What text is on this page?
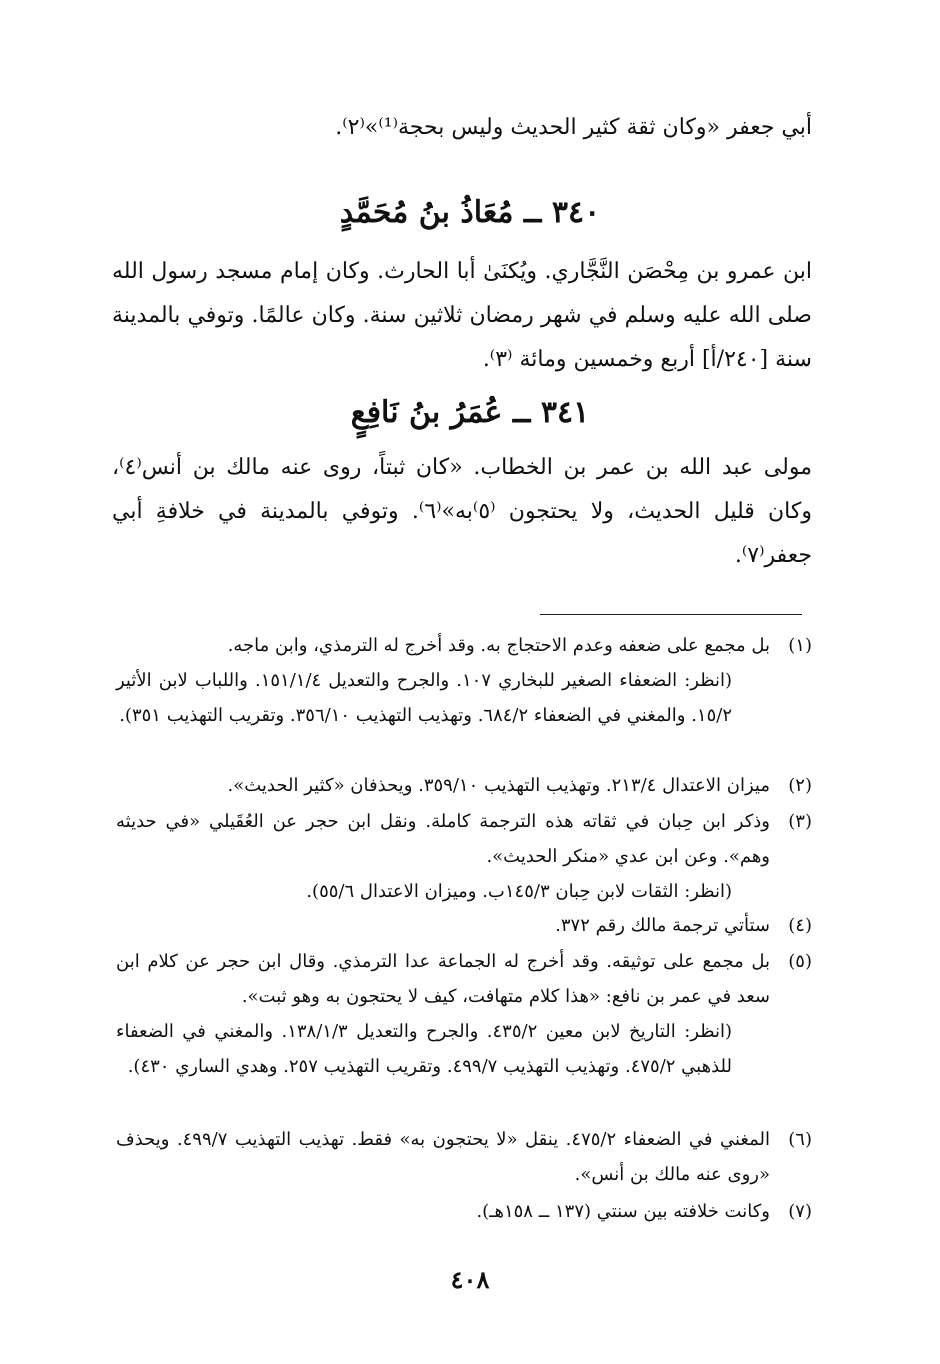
أبي جعفر «وكان ثقة كثير الحديث وليس بحجة⁽¹⁾»⁽٢⁾.
٣٤٠ ــ مُعَاذُ بنُ مُحَمَّدٍ
ابن عمرو بن مِحْصَن النَّجَّاري. ويُكنَىٰ أبا الحارث. وكان إمام مسجد رسول الله صلى الله عليه وسلم في شهر رمضان ثلاثين سنة. وكان عالمًا. وتوفي بالمدينة سنة [٢٤٠/أ] أربع وخمسين ومائة ⁽٣⁾.
٣٤١ ــ عُمَرُ بنُ نَافِعٍ
مولى عبد الله بن عمر بن الخطاب. «كان ثبتاً، روى عنه مالك بن أنس⁽٤⁾، وكان قليل الحديث، ولا يحتجون ⁽٥⁾به»⁽٦⁾. وتوفي بالمدينة في خلافةِ أبي جعفر⁽٧⁾.
(١)
بل مجمع على ضعفه وعدم الاحتجاج به. وقد أخرج له الترمذي، وابن ماجه.
(انظر: الضعفاء الصغير للبخاري ١٠٧. والجرح والتعديل ١٥١/١/٤. واللباب لابن الأثير ١٥/٢. والمغني في الضعفاء ٦٨٤/٢. وتهذيب التهذيب ٣٥٦/١٠. وتقريب التهذيب ٣٥١).
(٢)
ميزان الاعتدال ٢١٣/٤. وتهذيب التهذيب ٣٥٩/١٠. ويحذفان «كثير الحديث».
(٣)
وذكر ابن حِبان في ثقاته هذه الترجمة كاملة. ونقل ابن حجر عن العُقَيلي «في حديثه وهم». وعن ابن عدي «منكر الحديث».
(انظر: الثقات لابن حِبان ١٤٥/٣ب. وميزان الاعتدال ٥٥/٦).
(٤)
ستأتي ترجمة مالك رقم ٣٧٢.
(٥)
بل مجمع على توثيقه. وقد أخرج له الجماعة عدا الترمذي. وقال ابن حجر عن كلام ابن سعد في عمر بن نافع: «هذا كلام متهافت، كيف لا يحتجون به وهو ثبت».
(انظر: التاريخ لابن معين ٤٣٥/٢. والجرح والتعديل ١٣٨/١/٣. والمغني في الضعفاء للذهبي ٤٧٥/٢. وتهذيب التهذيب ٤٩٩/٧. وتقريب التهذيب ٢٥٧. وهدي الساري ٤٣٠).
(٦)
المغني في الضعفاء ٤٧٥/٢. ينقل «لا يحتجون به» فقط. تهذيب التهذيب ٤٩٩/٧. ويحذف «روى عنه مالك بن أنس».
(٧)
وكانت خلافته بين سنتي (١٣٧ ــ ١٥٨هـ).
٤٠٨
